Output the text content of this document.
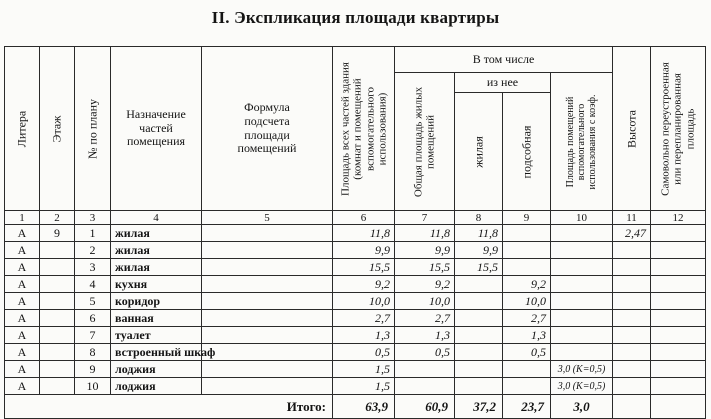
II. Экспликация площади квартиры
Литера	Этаж	№ по плану	Назначение частей помещения	Формула подсчета площади помещений	Площадь всех частей здания (комнат и помещений вспомогательного использования)	В том числе				Высота	Самовольно переустроенная или перепланированная площадь

						Общая площадь жилых помещений	из нее		Площадь помещений вспомогательного использования с коэф.		

							жилая	подсобная			

1	2	3	4	5	6	7	8	9	10	11	12
А	9	1	жилая		11,8	11,8	11,8			2,47	
А		2	жилая		9,9	9,9	9,9				
А		3	жилая		15,5	15,5	15,5				
А		4	кухня		9,2	9,2		9,2			
А		5	коридор		10,0	10,0		10,0			
А		6	ванная		2,7	2,7		2,7			
А		7	туалет		1,3	1,3		1,3			
А		8	встроенный шкаф		0,5	0,5		0,5			
А		9	лоджия		1,5				3,0 (K=0,5)		
А		10	лоджия		1,5				3,0 (K=0,5)		
Итого:					63,9	60,9	37,2	23,7	3,0		
